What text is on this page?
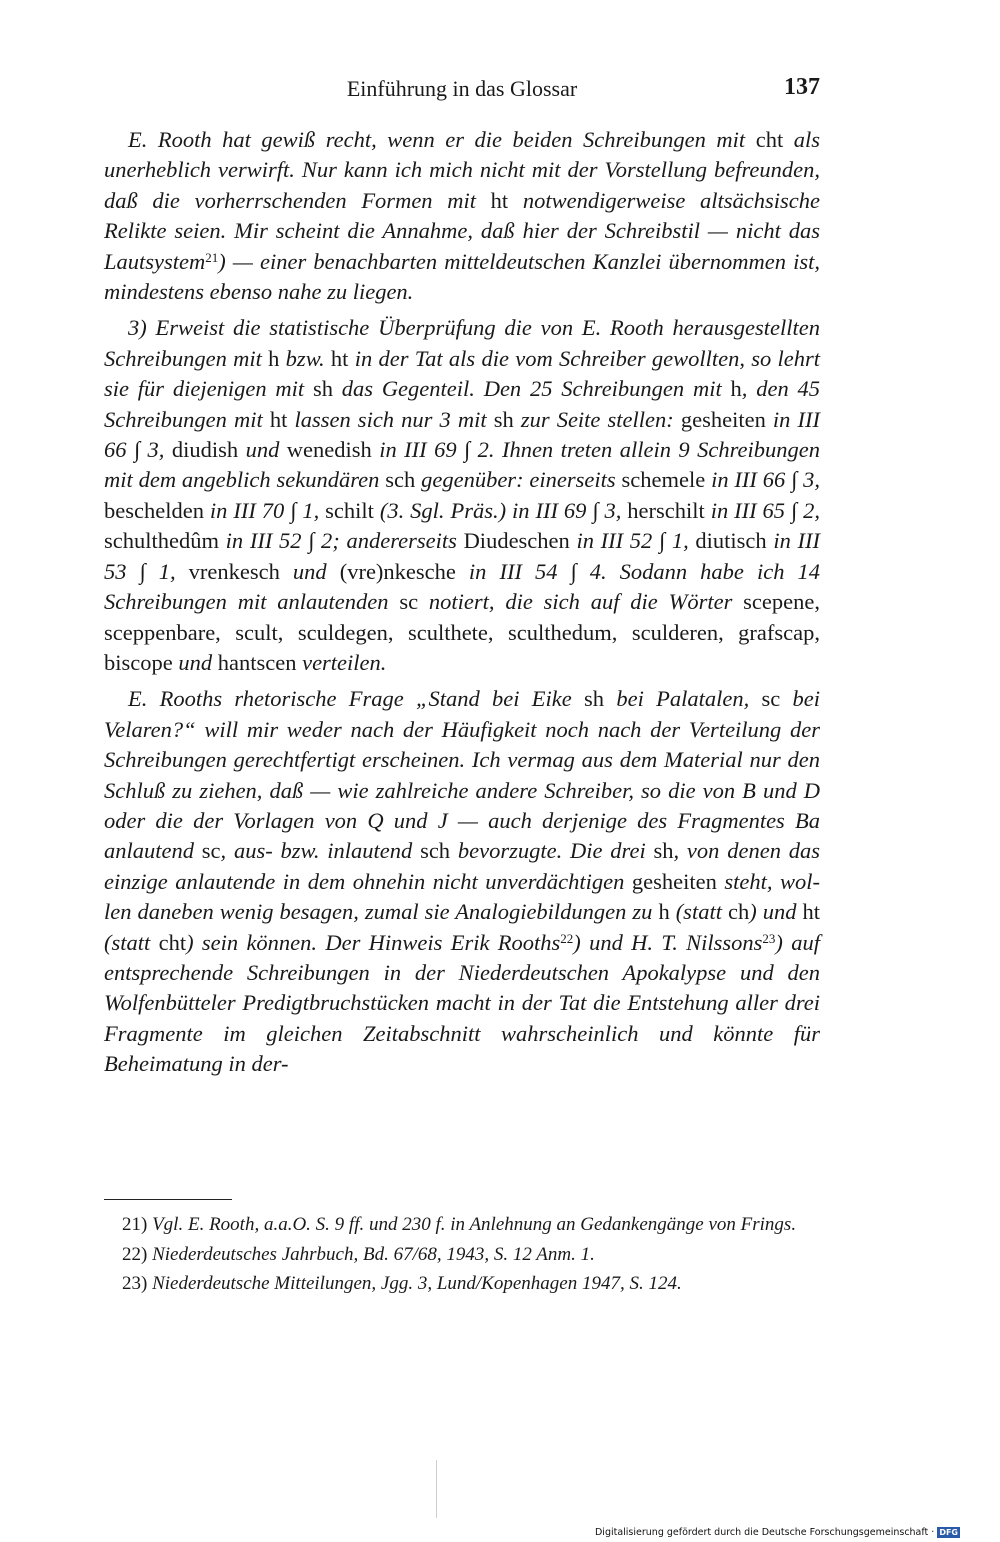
Einführung in das Glossar	137

E. Rooth hat gewiß recht, wenn er die beiden Schreibungen mit cht als unerheblich verwirft. Nur kann ich mich nicht mit der Vorstellung befreunden, daß die vorherrschenden Formen mit ht notwendigerweise altsächsische Relikte seien. Mir scheint die Annahme, daß hier der Schreibstil — nicht das Lautsystem$^{21}$) — einer benachbarten mitteldeutschen Kanzlei übernommen ist, mindestens ebenso nahe zu liegen.

3) Erweist die statistische Überprüfung die von E. Rooth herausgestellten Schreibungen mit h bzw. ht in der Tat als die vom Schreiber gewollten, so lehrt sie für diejenigen mit sh das Gegenteil. Den 25 Schreibungen mit h, den 45 Schreibungen mit ht lassen sich nur 3 mit sh zur Seite stellen: gesheiten in III 66 ∫ 3, diudish und wenedish in III 69 ∫ 2. Ihnen treten allein 9 Schreibungen mit dem angeblich sekundären sch gegenüber: einerseits schemele in III 66 ∫ 3, beschelden in III 70 ∫ 1, schilt (3. Sgl. Präs.) in III 69 ∫ 3, herschilt in III 65 ∫ 2, schulthedûm in III 52 ∫ 2; andererseits Diudeschen in III 52 ∫ 1, diutisch in III 53 ∫ 1, vrenkesch und (vre)nkesche in III 54 ∫ 4. Sodann habe ich 14 Schreibungen mit anlautenden sc notiert, die sich auf die Wörter scepene, sceppenbare, scult, sculdegen, sculthete, sculthedum, sculderen, grafscap, biscope und hantscen verteilen.

E. Rooths rhetorische Frage „Stand bei Eike sh bei Palatalen, sc bei Velaren?“ will mir weder nach der Häufigkeit noch nach der Verteilung der Schreibungen gerechtfertigt erscheinen. Ich vermag aus dem Material nur den Schluß zu ziehen, daß — wie zahlreiche andere Schreiber, so die von B und D oder die der Vorlagen von Q und J — auch derjenige des Fragmentes Ba anlautend sc, aus- bzw. inlautend sch bevorzugte. Die drei sh, von denen das einzige anlautende in dem ohnehin nicht unverdächtigen gesheiten steht, wollen daneben wenig besagen, zumal sie Analogiebildungen zu h (statt ch) und ht (statt cht) sein können. Der Hinweis Erik Rooths$^{22}$) und H. T. Nilssons$^{23}$) auf entsprechende Schreibungen in der Niederdeutschen Apokalypse und den Wolfenbütteler Predigtbruchstücken macht in der Tat die Entstehung aller drei Fragmente im gleichen Zeitabschnitt wahrscheinlich und könnte für Beheimatung in der-

21) Vgl. E. Rooth, a.a.O. S. 9 ff. und 230 f. in Anlehnung an Gedankengänge von Frings.

22) Niederdeutsches Jahrbuch, Bd. 67/68, 1943, S. 12 Anm. 1.

23) Niederdeutsche Mitteilungen, Jgg. 3, Lund/Kopenhagen 1947, S. 124.

Digitalisierung gefördert durch die Deutsche Forschungsgemeinschaft · DFG
